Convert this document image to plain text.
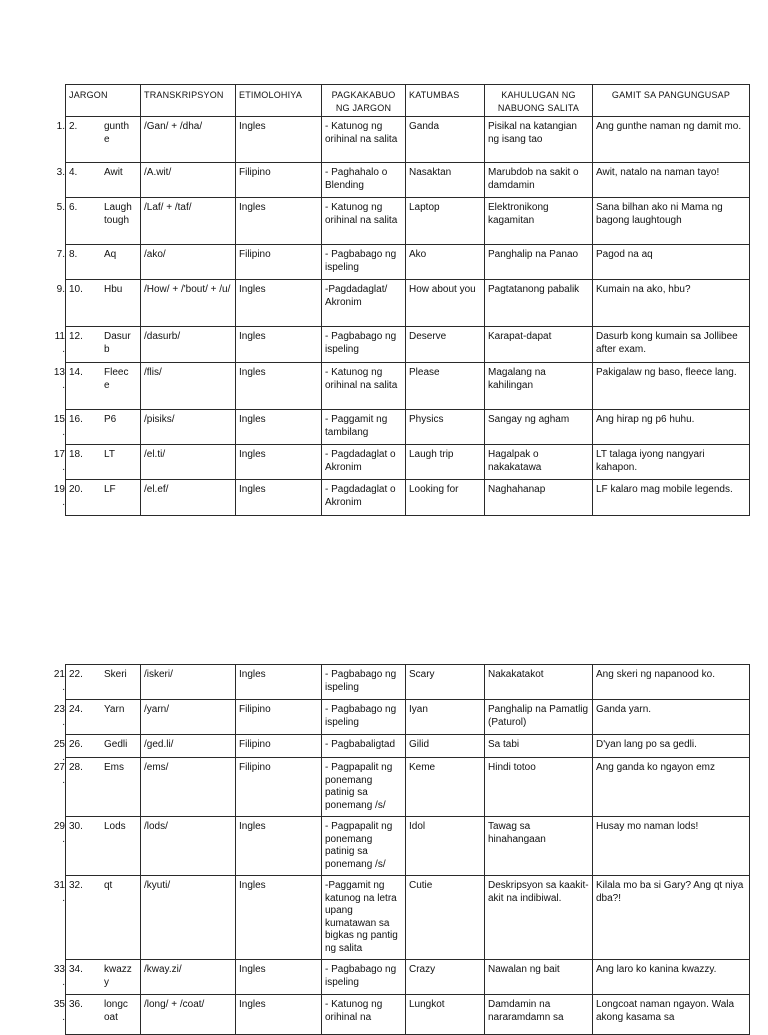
JARGON	TRANSKRIPSYON	ETIMOLOHIYA	PAGKAKABUO NG JARGON	KATUMBAS	KAHULUGAN NG NABUONG SALITA	GAMIT SA PANGUNGUSAP

1. 2. gunth e	/Gan/ + /dha/	Ingles	- Katunog ng orihinal na salita	Ganda	Pisikal na katangian ng isang tao	Ang gunthe naman ng damit mo.

3. 4. Awit	/A.wit/	Filipino	- Paghahalo o Blending	Nasaktan	Marubdob na sakit o damdamin	Awit, natalo na naman tayo!

5. 6. Laugh tough	/Laf/ + /taf/	Ingles	- Katunog ng orihinal na salita	Laptop	Elektronikong kagamitan	Sana bilhan ako ni Mama ng bagong laughtough

7. 8. Aq	/ako/	Filipino	- Pagbabago ng ispeling	Ako	Panghalip na Panao	Pagod na aq

9. 10. Hbu	/How/ + /'bout/ + /u/	Ingles	-Pagdadaglat/ Akronim	How about you	Pagtatanong pabalik	Kumain na ako, hbu?

11.
12. Dasur b	/dasurb/	Ingles	- Pagbabago ng ispeling	Deserve	Karapat-dapat	Dasurb kong kumain sa Jollibee after exam.

13.
14. Fleec e	/flis/	Ingles	- Katunog ng orihinal na salita	Please	Magalang na kahilingan	Pakigalaw ng baso, fleece lang.

15.
16. P6	/pisiks/	Ingles	- Paggamit ng tambilang	Physics	Sangay ng agham	Ang hirap ng p6 huhu.

17.
18. LT	/el.ti/	Ingles	- Pagdadaglat o Akronim	Laugh trip	Hagalpak o nakakatawa	LT talaga iyong nangyari kahapon.

19.
20. LF	/el.ef/	Ingles	- Pagdadaglat o Akronim	Looking for	Naghahanap	LF kalaro mag mobile legends.
21.
22. Skeri	/iskeri/	Ingles	- Pagbabago ng ispeling	Scary	Nakakatakot	Ang skeri ng napanood ko.

23.
24. Yarn	/yarn/	Filipino	- Pagbabago ng ispeling	Iyan	Panghalip na Pamatlig (Paturol)	Ganda yarn.

25.
26. Gedli	/ged.li/	Filipino	- Pagbabaligtad	Gilid	Sa tabi	D'yan lang po sa gedli.

27.
28. Ems	/ems/	Filipino	- Pagpapalit ng ponemang patinig sa ponemang /s/	Keme	Hindi totoo	Ang ganda ko ngayon emz

29.
30. Lods	/lods/	Ingles	- Pagpapalit ng ponemang patinig sa ponemang /s/	Idol	Tawag sa hinahangaan	Husay mo naman lods!

31.
32. qt	/kyuti/	Ingles	-Paggamit ng katunog na letra upang kumatawan sa bigkas ng pantig ng salita	Cutie	Deskripsyon sa kaakit-akit na indibiwal.	Kilala mo ba si Gary? Ang qt niya dba?!

33.
34. kwazz y	/kway.zi/	Ingles	- Pagbabago ng ispeling	Crazy	Nawalan ng bait	Ang laro ko kanina kwazzy.

35.
36. longc oat	/long/ + /coat/	Ingles	- Katunog ng orihinal na	Lungkot	Damdamin na nararamdamn sa	Longcoat naman ngayon. Wala akong kasama sa
